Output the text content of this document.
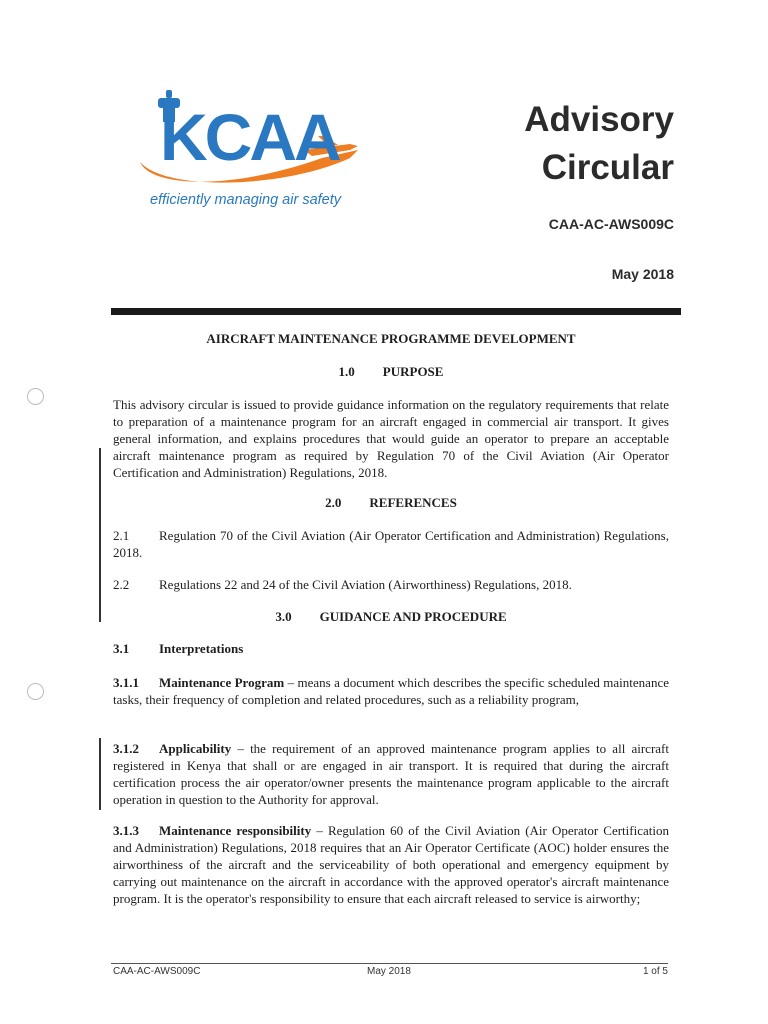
KCAA
efficiently managing air safety
Advisory
Circular
CAA-AC-AWS009C
May 2018
AIRCRAFT MAINTENANCE PROGRAMME DEVELOPMENT
1.0 PURPOSE
This advisory circular is issued to provide guidance information on the regulatory requirements that relate to preparation of a maintenance program for an aircraft engaged in commercial air transport. It gives general information, and explains procedures that would guide an operator to prepare an acceptable aircraft maintenance program as required by Regulation 70 of the Civil Aviation (Air Operator Certification and Administration) Regulations, 2018.
2.0 REFERENCES
2.1 Regulation 70 of the Civil Aviation (Air Operator Certification and Administration) Regulations, 2018.
2.2 Regulations 22 and 24 of the Civil Aviation (Airworthiness) Regulations, 2018.
3.0 GUIDANCE AND PROCEDURE
3.1 Interpretations
3.1.1 Maintenance Program – means a document which describes the specific scheduled maintenance tasks, their frequency of completion and related procedures, such as a reliability program,
3.1.2 Applicability – the requirement of an approved maintenance program applies to all aircraft registered in Kenya that shall or are engaged in air transport. It is required that during the aircraft certification process the air operator/owner presents the maintenance program applicable to the aircraft operation in question to the Authority for approval.
3.1.3 Maintenance responsibility – Regulation 60 of the Civil Aviation (Air Operator Certification and Administration) Regulations, 2018 requires that an Air Operator Certificate (AOC) holder ensures the airworthiness of the aircraft and the serviceability of both operational and emergency equipment by carrying out maintenance on the aircraft in accordance with the approved operator's aircraft maintenance program. It is the operator's responsibility to ensure that each aircraft released to service is airworthy;
CAA-AC-AWS009C	May 2018	1 of 5
